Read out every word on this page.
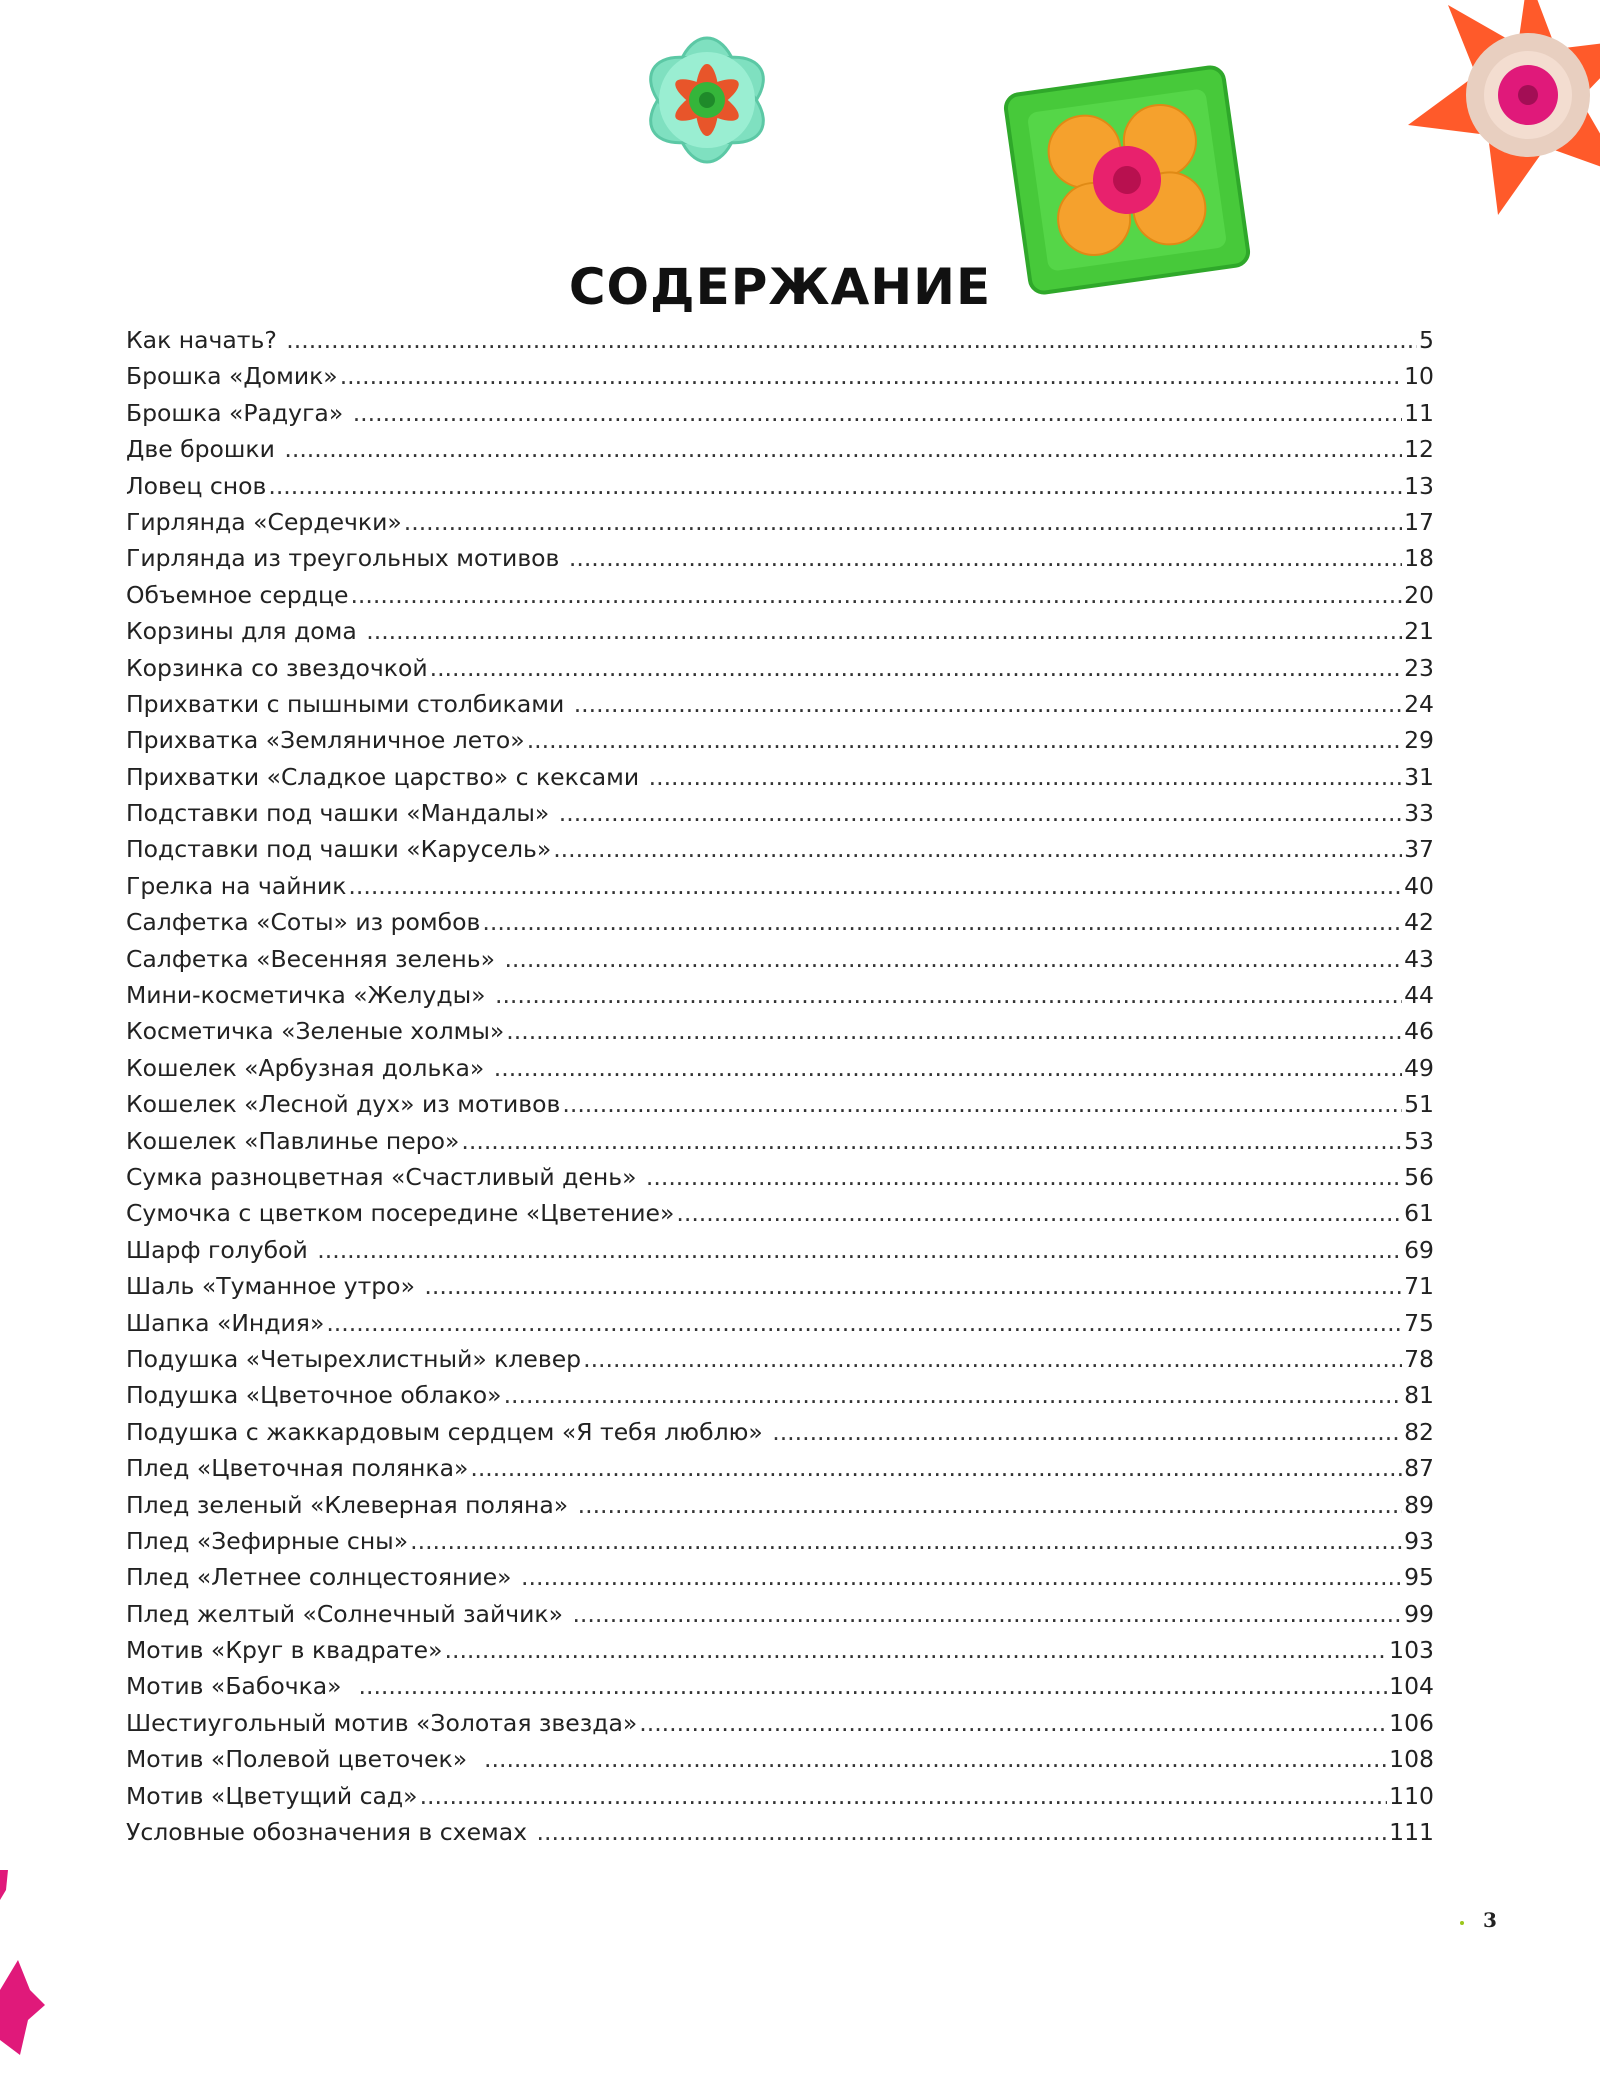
СОДЕРЖАНИЕ
Как начать? .....	5
Брошка «Домик» .....	10
Брошка «Радуга» .....	11
Две брошки .....	12
Ловец снов .....	13
Гирлянда «Сердечки» .....	17
Гирлянда из треугольных мотивов .....	18
Объемное сердце .....	20
Корзины для дома .....	21
Корзинка со звездочкой .....	23
Прихватки с пышными столбиками .....	24
Прихватка «Земляничное лето» .....	29
Прихватки «Сладкое царство» с кексами .....	31
Подставки под чашки «Мандалы» .....	33
Подставки под чашки «Карусель» .....	37
Грелка на чайник .....	40
Салфетка «Соты» из ромбов .....	42
Салфетка «Весенняя зелень» .....	43
Мини-косметичка «Желуды» .....	44
Косметичка «Зеленые холмы» .....	46
Кошелек «Арбузная долька» .....	49
Кошелек «Лесной дух» из мотивов .....	51
Кошелек «Павлинье перо» .....	53
Сумка разноцветная «Счастливый день» .....	56
Сумочка с цветком посередине «Цветение» .....	61
Шарф голубой .....	69
Шаль «Туманное утро» .....	71
Шапка «Индия» .....	75
Подушка «Четырехлистный» клевер .....	78
Подушка «Цветочное облако» .....	81
Подушка с жаккардовым сердцем «Я тебя люблю» .....	82
Плед «Цветочная полянка» .....	87
Плед зеленый «Клеверная поляна» .....	89
Плед «Зефирные сны» .....	93
Плед «Летнее солнцестояние» .....	95
Плед желтый «Солнечный зайчик» .....	99
Мотив «Круг в квадрате» .....	103
Мотив «Бабочка» .....	104
Шестиугольный мотив «Золотая звезда» .....	106
Мотив «Полевой цветочек» .....	108
Мотив «Цветущий сад» .....	110
Условные обозначения в схемах .....	111
3
